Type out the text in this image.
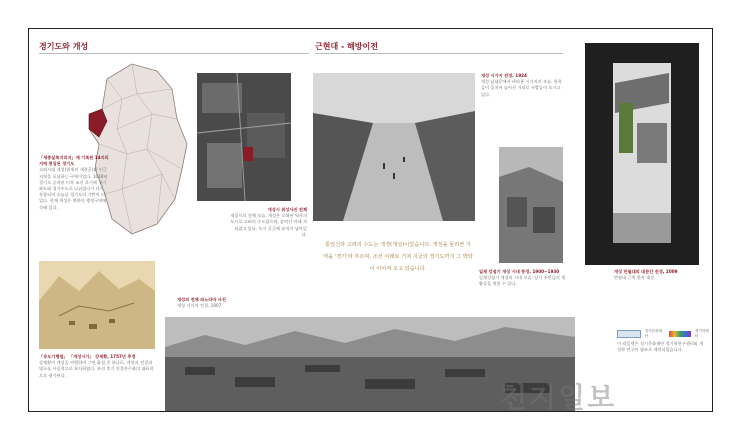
경기도와 개성
「세종실록지리지」에 기록된 14지리지에 편입된 경기도
고려시대 개성(현재의 개풍군)과 인근 지역을 포함하는 구역이었다. 1018년 경기로 승격된 이후 조선 초기에 경기좌도와 경기우도로 나뉘었다가 다시 통합되어 오늘날 경기도의 기반이 되었다. 현재 개성은 북한의 행정구역에 속해 있다.	개성시 위성사진 전체
개성시의 전체 모습. 개성은 오래된 역사의 도시로 고려의 수도였으며, 송악산 아래 자리잡고 있다. 도시 곳곳에 유적이 남아있다.
「송도기행첩」 「개성시가」 강세황, 1757년 추정
강세황이 개성을 여행하며 그린 화첩 중 하나로, 개성의 전경과 명소를 사실적으로 묘사하였다. 조선 후기 진경산수화의 대표작으로 평가된다.
개성의 전체 파노라마 사진
개성 시가지 전경, 1907
근현대 - 해방이전
개성 시가지 전경, 1924
개성 남대문에서 바라본 시가지의 모습. 한옥들이 줄지어 늘어선 거리로 사람들이 오가고 있다.
통일신라 고려의 수도는 개경(개성)이었습니다. 개성을 둘러싼 지역을 '경기'라 부르며, 조선 이래로 거쳐 지금의 경기도까지 그 맥락이 이어져 오고 있습니다.	일제 강점기 개성 시내 풍경, 1900~1930
일제강점기 개성의 시내 모습. 당시 주민들의 생활상을 엿볼 수 있다.
개성 만월대의 대문간 전경, 2009
만월대 근처 한옥 대문
경기문화재단
경기학센터
이 리플렛은 경기문화재단 경기학연구센터와 개성학 연구의 협조로 제작되었습니다.
천지일보
